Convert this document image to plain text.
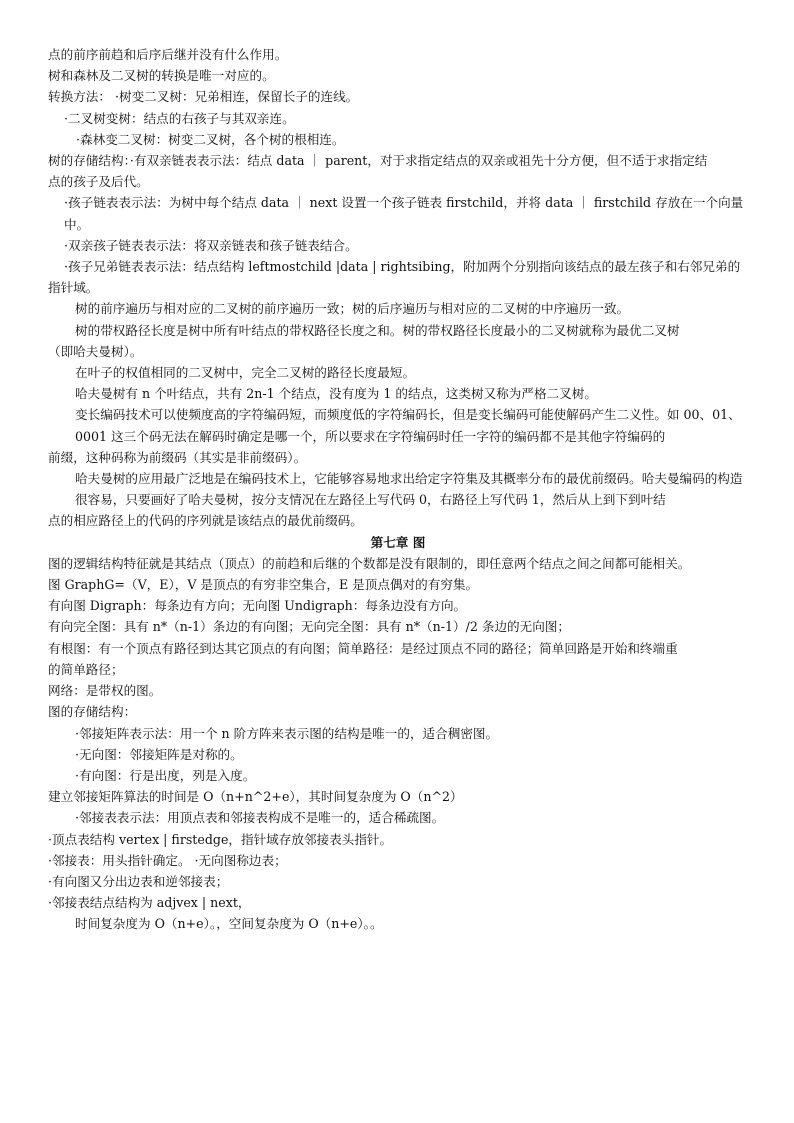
点的前序前趋和后序后继并没有什么作用。
树和森林及二叉树的转换是唯一对应的。
转换方法： ·树变二叉树：兄弟相连，保留长子的连线。
·二叉树变树：结点的右孩子与其双亲连。
·森林变二叉树：树变二叉树，各个树的根相连。
树的存储结构：·有双亲链表表示法：结点 data ｜ parent，对于求指定结点的双亲或祖先十分方便，但不适于求指定结
点的孩子及后代。
·孩子链表表示法：为树中每个结点 data ｜ next 设置一个孩子链表 firstchild，并将 data ｜ firstchild 存放在一个向量中。
·双亲孩子链表表示法：将双亲链表和孩子链表结合。
·孩子兄弟链表表示法：结点结构 leftmostchild |data | rightsibing，附加两个分别指向该结点的最左孩子和右邻兄弟的
指针域。
树的前序遍历与相对应的二叉树的前序遍历一致；树的后序遍历与相对应的二叉树的中序遍历一致。
树的带权路径长度是树中所有叶结点的带权路径长度之和。树的带权路径长度最小的二叉树就称为最优二叉树
（即哈夫曼树）。
在叶子的权值相同的二叉树中，完全二叉树的路径长度最短。
哈夫曼树有 n 个叶结点，共有 2n-1 个结点，没有度为 1 的结点，这类树又称为严格二叉树。
变长编码技术可以使频度高的字符编码短，而频度低的字符编码长，但是变长编码可能使解码产生二义性。如 00、01、0001 这三个码无法在解码时确定是哪一个，所以要求在字符编码时任一字符的编码都不是其他字符编码的
前缀，这种码称为前缀码（其实是非前缀码）。
哈夫曼树的应用最广泛地是在编码技术上，它能够容易地求出给定字符集及其概率分布的最优前缀码。哈夫曼编码的构造很容易，只要画好了哈夫曼树，按分支情况在左路径上写代码 0，右路径上写代码 1，然后从上到下到叶结
点的相应路径上的代码的序列就是该结点的最优前缀码。
第七章 图
图的逻辑结构特征就是其结点（顶点）的前趋和后继的个数都是没有限制的，即任意两个结点之间之间都可能相关。
图 GraphG=（V，E），V 是顶点的有穷非空集合，E 是顶点偶对的有穷集。
有向图 Digraph：每条边有方向；无向图 Undigraph：每条边没有方向。
有向完全图：具有 n*（n-1）条边的有向图；无向完全图：具有 n*（n-1）/2 条边的无向图；
有根图：有一个顶点有路径到达其它顶点的有向图；简单路径：是经过顶点不同的路径；简单回路是开始和终端重
的简单路径；
网络：是带权的图。
图的存储结构：
·邻接矩阵表示法：用一个 n 阶方阵来表示图的结构是唯一的，适合稠密图。
·无向图：邻接矩阵是对称的。
·有向图：行是出度，列是入度。
建立邻接矩阵算法的时间是 O（n+n^2+e），其时间复杂度为 O（n^2）
·邻接表表示法：用顶点表和邻接表构成不是唯一的，适合稀疏图。
·顶点表结构 vertex | firstedge，指针域存放邻接表头指针。
·邻接表：用头指针确定。 ·无向图称边表；
·有向图又分出边表和逆邻接表；
·邻接表结点结构为 adjvex | next，
时间复杂度为 O（n+e）。，空间复杂度为 O（n+e）。。
